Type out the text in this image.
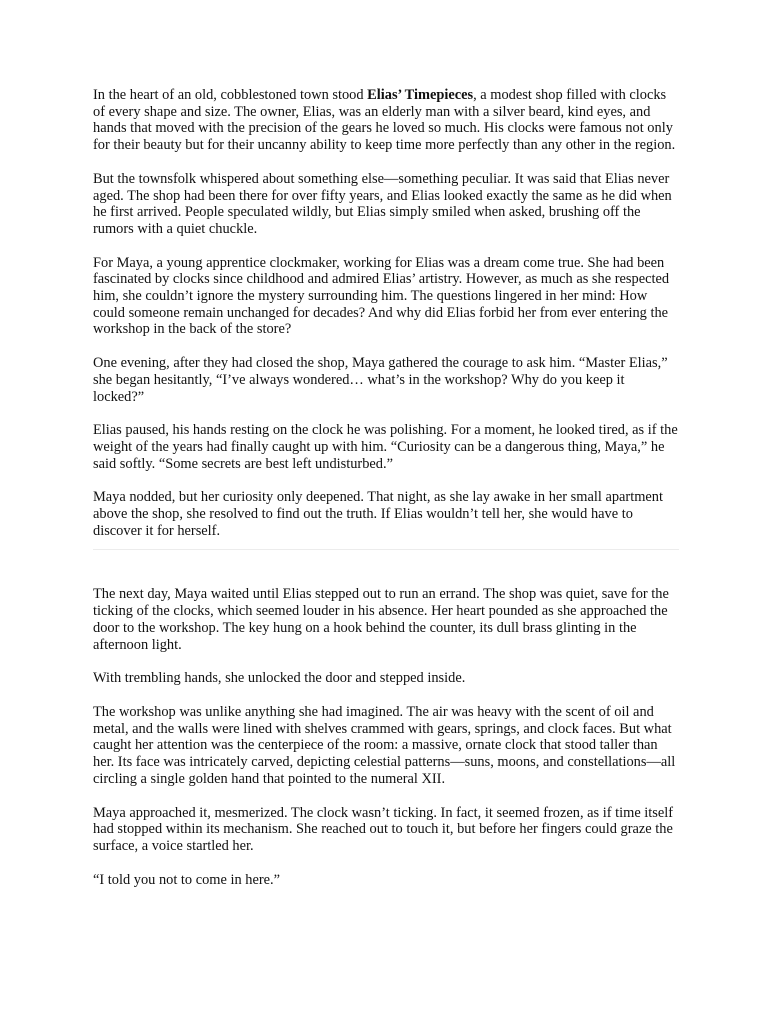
In the heart of an old, cobblestoned town stood Elias’ Timepieces, a modest shop filled with clocks of every shape and size. The owner, Elias, was an elderly man with a silver beard, kind eyes, and hands that moved with the precision of the gears he loved so much. His clocks were famous not only for their beauty but for their uncanny ability to keep time more perfectly than any other in the region.

But the townsfolk whispered about something else—something peculiar. It was said that Elias never aged. The shop had been there for over fifty years, and Elias looked exactly the same as he did when he first arrived. People speculated wildly, but Elias simply smiled when asked, brushing off the rumors with a quiet chuckle.

For Maya, a young apprentice clockmaker, working for Elias was a dream come true. She had been fascinated by clocks since childhood and admired Elias’ artistry. However, as much as she respected him, she couldn’t ignore the mystery surrounding him. The questions lingered in her mind: How could someone remain unchanged for decades? And why did Elias forbid her from ever entering the workshop in the back of the store?

One evening, after they had closed the shop, Maya gathered the courage to ask him. “Master Elias,” she began hesitantly, “I’ve always wondered… what’s in the workshop? Why do you keep it locked?”

Elias paused, his hands resting on the clock he was polishing. For a moment, he looked tired, as if the weight of the years had finally caught up with him. “Curiosity can be a dangerous thing, Maya,” he said softly. “Some secrets are best left undisturbed.”

Maya nodded, but her curiosity only deepened. That night, as she lay awake in her small apartment above the shop, she resolved to find out the truth. If Elias wouldn’t tell her, she would have to discover it for herself.

The next day, Maya waited until Elias stepped out to run an errand. The shop was quiet, save for the ticking of the clocks, which seemed louder in his absence. Her heart pounded as she approached the door to the workshop. The key hung on a hook behind the counter, its dull brass glinting in the afternoon light.

With trembling hands, she unlocked the door and stepped inside.

The workshop was unlike anything she had imagined. The air was heavy with the scent of oil and metal, and the walls were lined with shelves crammed with gears, springs, and clock faces. But what caught her attention was the centerpiece of the room: a massive, ornate clock that stood taller than her. Its face was intricately carved, depicting celestial patterns—suns, moons, and constellations—all circling a single golden hand that pointed to the numeral XII.

Maya approached it, mesmerized. The clock wasn’t ticking. In fact, it seemed frozen, as if time itself had stopped within its mechanism. She reached out to touch it, but before her fingers could graze the surface, a voice startled her.

“I told you not to come in here.”
